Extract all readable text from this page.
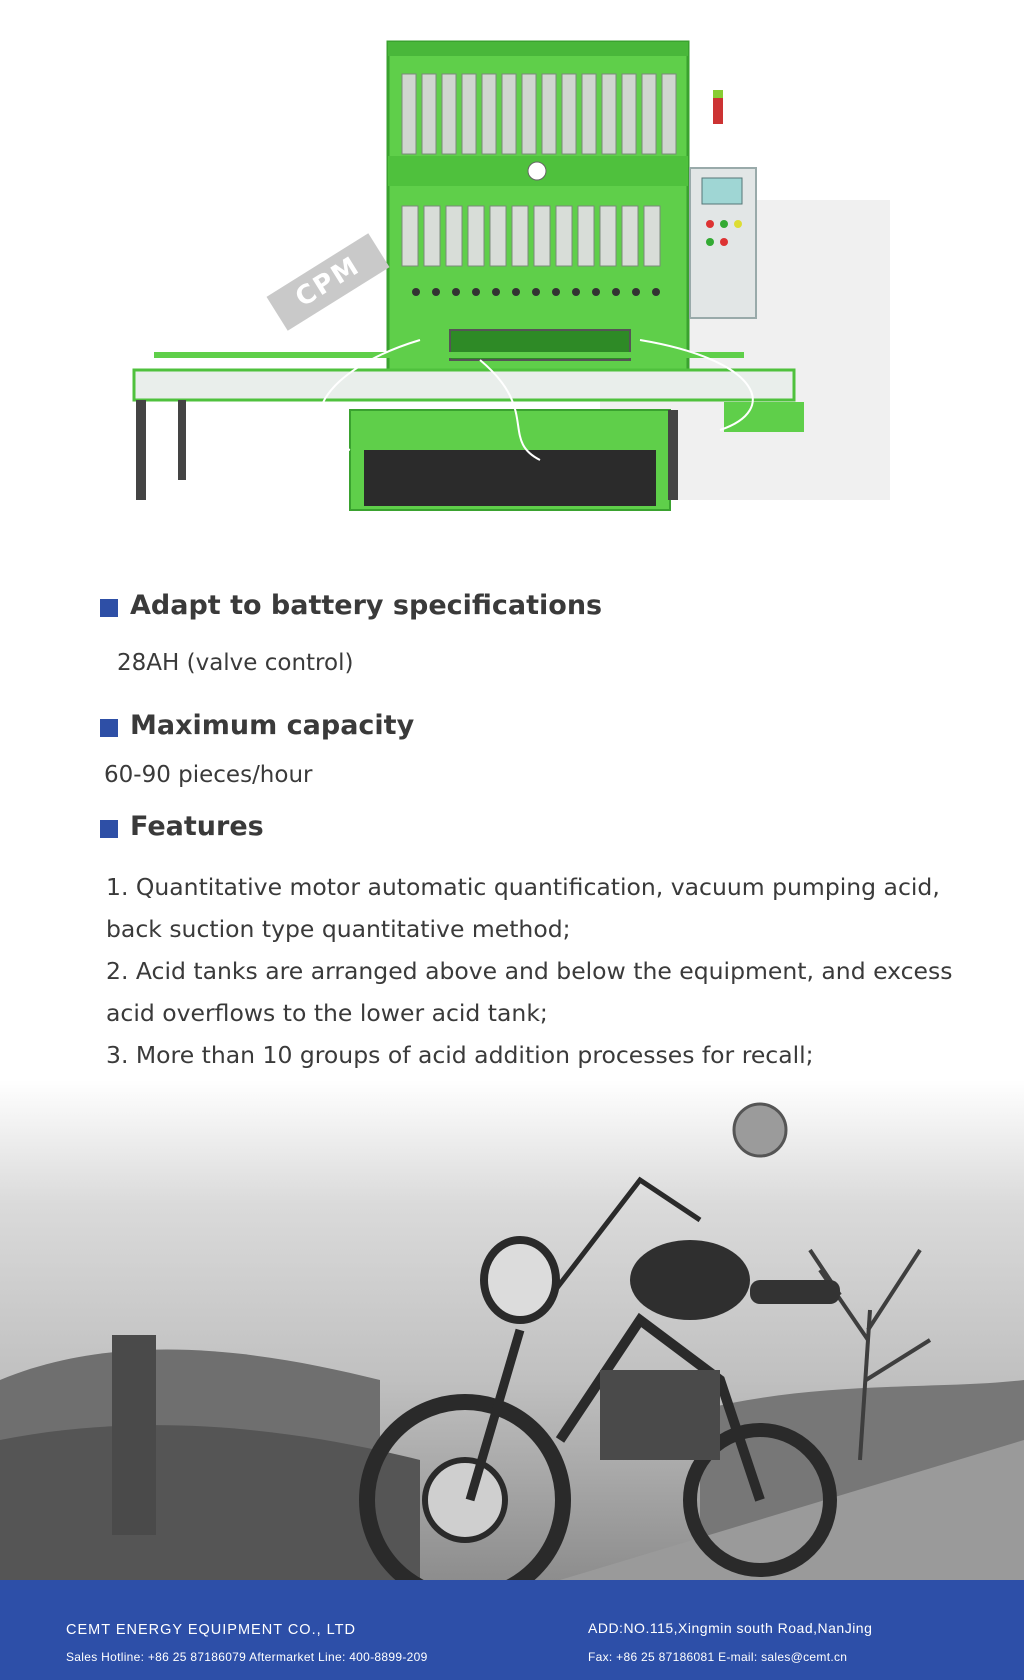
CPM
Adapt to battery specifications
28AH (valve control)
Maximum capacity
60-90 pieces/hour
Features
1. Quantitative motor automatic quantification, vacuum pumping acid, back suction type quantitative method;
2. Acid tanks are arranged above and below the equipment, and excess acid overflows to the lower acid tank;
3. More than 10 groups of acid addition processes for recall;
CEMT ENERGY EQUIPMENT CO., LTD
Sales Hotline: +86 25 87186079 Aftermarket Line: 400-8899-209
ADD:NO.115,Xingmin south Road,NanJing
Fax: +86 25 87186081 E-mail: sales@cemt.cn
